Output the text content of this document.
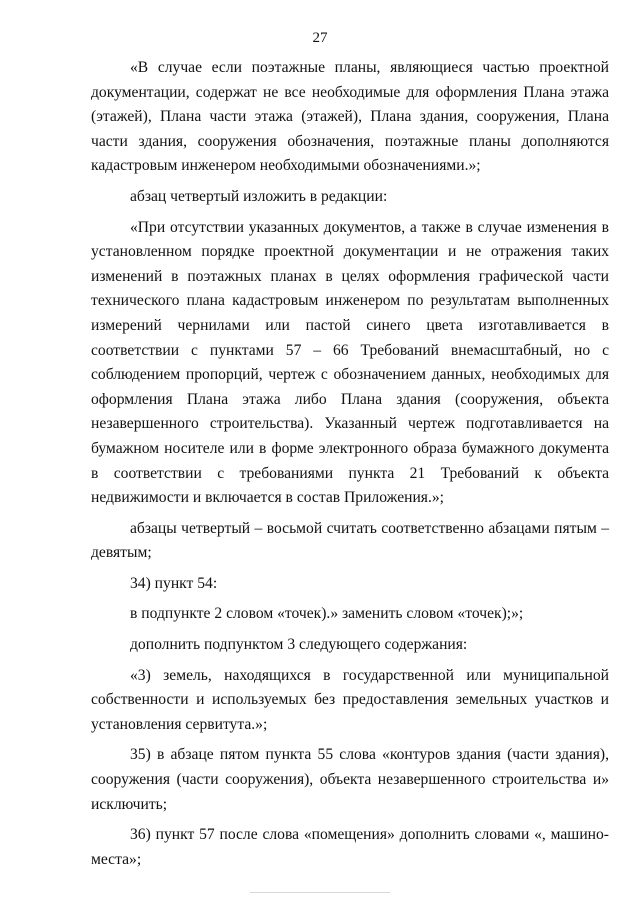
27

«В случае если поэтажные планы, являющиеся частью проектной документации, содержат не все необходимые для оформления Плана этажа (этажей), Плана части этажа (этажей), Плана здания, сооружения, Плана части здания, сооружения обозначения, поэтажные планы дополняются кадастровым инженером необходимыми обозначениями.»;

абзац четвертый изложить в редакции:

«При отсутствии указанных документов, а также в случае изменения в установленном порядке проектной документации и не отражения таких изменений в поэтажных планах в целях оформления графической части технического плана кадастровым инженером по результатам выполненных измерений чернилами или пастой синего цвета изготавливается в соответствии с пунктами 57 – 66 Требований внемасштабный, но с соблюдением пропорций, чертеж с обозначением данных, необходимых для оформления Плана этажа либо Плана здания (сооружения, объекта незавершенного строительства). Указанный чертеж подготавливается на бумажном носителе или в форме электронного образа бумажного документа в соответствии с требованиями пункта 21 Требований к объекта недвижимости и включается в состав Приложения.»;

абзацы четвертый – восьмой считать соответственно абзацами пятым – девятым;

34) пункт 54:

в подпункте 2 словом «точек).» заменить словом «точек);»;

дополнить подпунктом 3 следующего содержания:

«3) земель, находящихся в государственной или муниципальной собственности и используемых без предоставления земельных участков и установления сервитута.»;

35) в абзаце пятом пункта 55 слова «контуров здания (части здания), сооружения (части сооружения), объекта незавершенного строительства и» исключить;

36) пункт 57 после слова «помещения» дополнить словами «, машино-места»;
